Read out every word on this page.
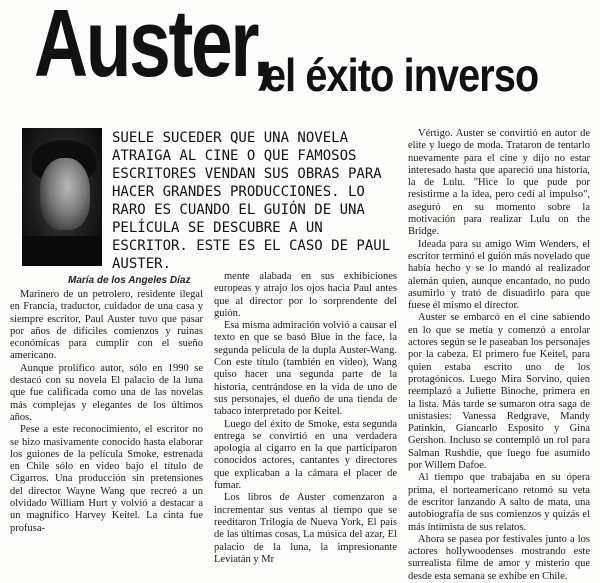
Auster,
el éxito inverso

SUELE SUCEDER QUE UNA NOVELA ATRAIGA AL CINE O QUE FAMOSOS ESCRITORES VENDAN SUS OBRAS PARA HACER GRANDES PRODUCCIONES. LO RARO ES CUANDO EL GUIÓN DE UNA PELÍCULA SE DESCUBRE A UN ESCRITOR. ESTE ES EL CASO DE PAUL AUSTER.

María de los Angeles Díaz

Marinero de un petrolero, residente ilegal en Francia, traductor, cuidador de una casa y siempre escritor, Paul Auster tuvo que pasar por años de difíciles comienzos y ruinas económicas para cumplir con el sueño americano.

Aunque prolífico autor, sólo en 1990 se destacó con su novela El palacio de la luna que fue calificada como una de las novelas más complejas y elegantes de los últimos años.

Pese a este reconocimiento, el escritor no se hizo masivamente conocido hasta elaborar los guiones de la película Smoke, estrenada en Chile sólo en video bajo el título de Cigarros. Una producción sin pretensiones del director Wayne Wang que recreó a un olvidado William Hurt y volvió a destacar a un magnífico Harvey Keitel. La cinta fue profusa-

mente alabada en sus exhibiciones europeas y atrajo los ojos hacia Paul antes que al director por lo sorprendente del guión.

Esa misma admiración volvió a causar el texto en que se basó Blue in the face, la segunda película de la dupla Auster-Wang. Con este título (también en video), Wang quiso hacer una segunda parte de la historia, centrándose en la vida de uno de sus personajes, el dueño de una tienda de tabaco interpretado por Keitel.

Luego del éxito de Smoke, esta segunda entrega se convirtió en una verdadera apología al cigarro en la que participaron conocidos actores, cantantes y directores que explicaban a la cámara el placer de fumar.

Los libros de Auster comenzaron a incrementar sus ventas al tiempo que se reeditaron Trilogía de Nueva York, El país de las últimas cosas, La música del azar, El palacio de la luna, la impresionante Leviatán y Mr

Vértigo. Auster se convirtió en autor de elite y luego de moda. Trataron de tentarlo nuevamente para el cine y dijo no estar interesado hasta que apareció una historia, la de Lulu. "Hice lo que pude por resistirme a la idea, pero cedí al impulso", aseguró en su momento sobre la motivación para realizar Lulu on the Bridge.

Ideada para su amigo Wim Wenders, el escritor terminó el guión más novelado que había hecho y se lo mandó al realizador alemán quien, aunque encantado, no pudo asumirlo y trató de disuadirlo para que fuese él mismo el director.

Auster se embarcó en el cine sabiendo en lo que se metía y comenzó a enrolar actores según se le paseaban los personajes por la cabeza. El primero fue Keitel, para quien estaba escrito uno de los protagónicos. Luego Mira Sorvino, quien reemplazó a Juliette Binoche, primera en la lista. Más tarde se sumaron otra saga de unistasies: Vanessa Redgrave, Mandy Patinkin, Giancarlo Esposito y Gina Gershon. Incluso se contempló un rol para Salman Rushdie, que luego fue asumido por Willem Dafoe.

Al tiempo que trabajaba en su ópera prima, el norteamericano retomó su veta de escritor lanzando A salto de mata, una autobiografía de sus comienzos y quizás el más íntimista de sus relatos.

Ahora se pasea por festivales junto a los actores hollywoodenses mostrando este surrealista filme de amor y misterio que desde esta semana se exhibe en Chile.
